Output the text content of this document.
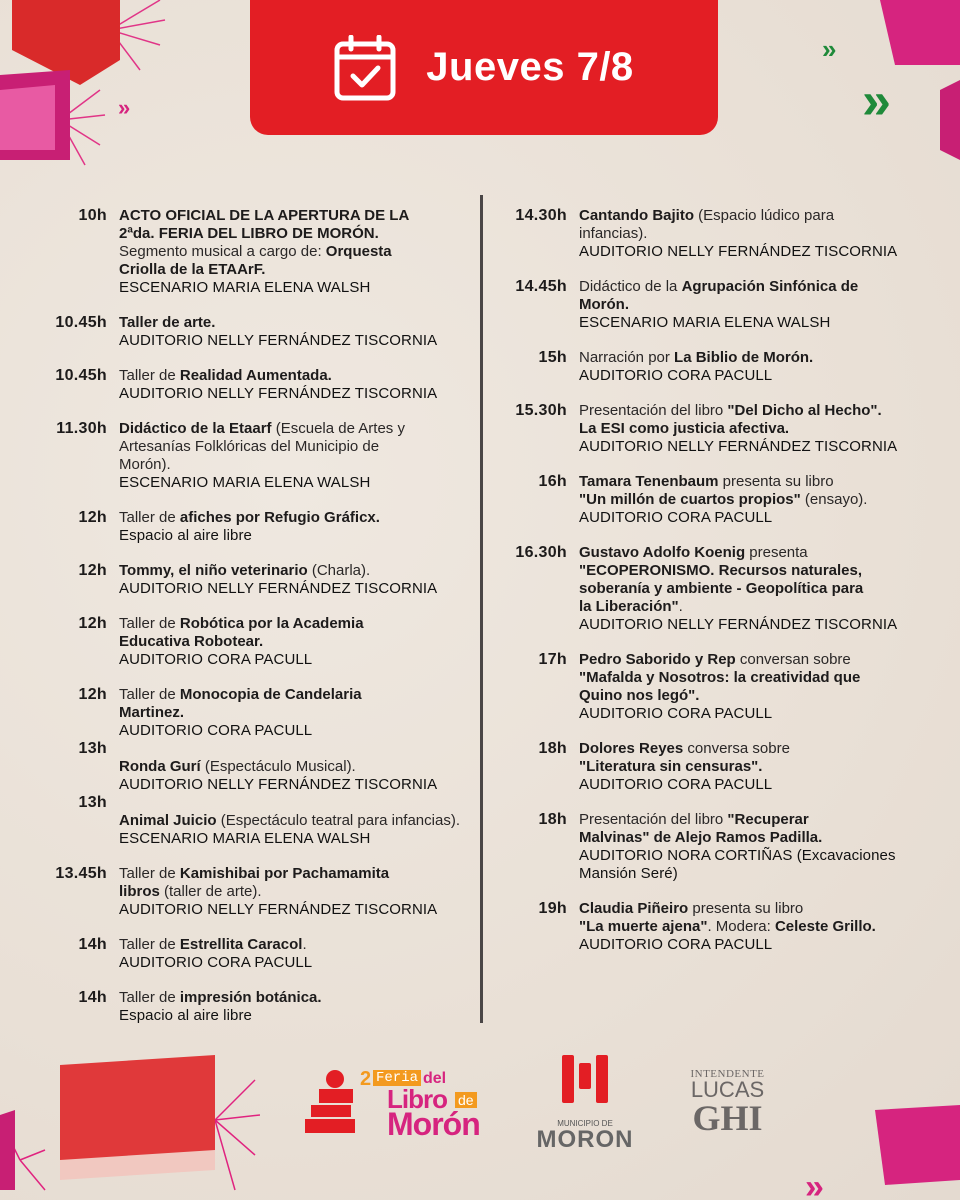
»
»
»
»
Jueves 7/8
10h ACTO OFICIAL DE LA APERTURA DE LA
2ªda. FERIA DEL LIBRO DE MORÓN.
Segmento musical a cargo de: Orquesta
Criolla de la ETAArF.
ESCENARIO MARIA ELENA WALSH
10.45h Taller de arte.
AUDITORIO NELLY FERNÁNDEZ TISCORNIA
10.45h Taller de Realidad Aumentada.
AUDITORIO NELLY FERNÁNDEZ TISCORNIA
11.30h Didáctico de la Etaarf (Escuela de Artes y
Artesanías Folklóricas del Municipio de
Morón).
ESCENARIO MARIA ELENA WALSH
12h Taller de afiches por Refugio Gráficx.
Espacio al aire libre
12h Tommy, el niño veterinario (Charla).
AUDITORIO NELLY FERNÁNDEZ TISCORNIA
12h Taller de Robótica por la Academia
Educativa Robotear.
AUDITORIO CORA PACULL
12h Taller de Monocopia de Candelaria
Martinez.
AUDITORIO CORA PACULL
13h
Ronda Gurí (Espectáculo Musical).
AUDITORIO NELLY FERNÁNDEZ TISCORNIA
13h
Animal Juicio (Espectáculo teatral para infancias).
ESCENARIO MARIA ELENA WALSH
13.45h Taller de Kamishibai por Pachamamita
libros (taller de arte).
AUDITORIO NELLY FERNÁNDEZ TISCORNIA
14h Taller de Estrellita Caracol.
AUDITORIO CORA PACULL
14h Taller de impresión botánica.
Espacio al aire libre
14.30h Cantando Bajito (Espacio lúdico para
infancias).
AUDITORIO NELLY FERNÁNDEZ TISCORNIA
14.45h Didáctico de la Agrupación Sinfónica de
Morón.
ESCENARIO MARIA ELENA WALSH
15h Narración por La Biblio de Morón.
AUDITORIO CORA PACULL
15.30h Presentación del libro "Del Dicho al Hecho".
La ESI como justicia afectiva.
AUDITORIO NELLY FERNÁNDEZ TISCORNIA
16h Tamara Tenenbaum presenta su libro
"Un millón de cuartos propios" (ensayo).
AUDITORIO CORA PACULL
16.30h Gustavo Adolfo Koenig presenta
"ECOPERONISMO. Recursos naturales,
soberanía y ambiente - Geopolítica para
la Liberación".
AUDITORIO NELLY FERNÁNDEZ TISCORNIA
17h Pedro Saborido y Rep conversan sobre
"Mafalda y Nosotros: la creatividad que
Quino nos legó".
AUDITORIO CORA PACULL
18h Dolores Reyes conversa sobre
"Literatura sin censuras".
AUDITORIO CORA PACULL
18h Presentación del libro "Recuperar
Malvinas" de Alejo Ramos Padilla.
AUDITORIO NORA CORTIÑAS (Excavaciones
Mansión Seré)
19h Claudia Piñeiro presenta su libro
"La muerte ajena". Modera: Celeste Grillo.
AUDITORIO CORA PACULL
2 Feria del
Libro de
Morón	MUNICIPIO DE
MORON
INTENDENTE
LUCAS
GHI
